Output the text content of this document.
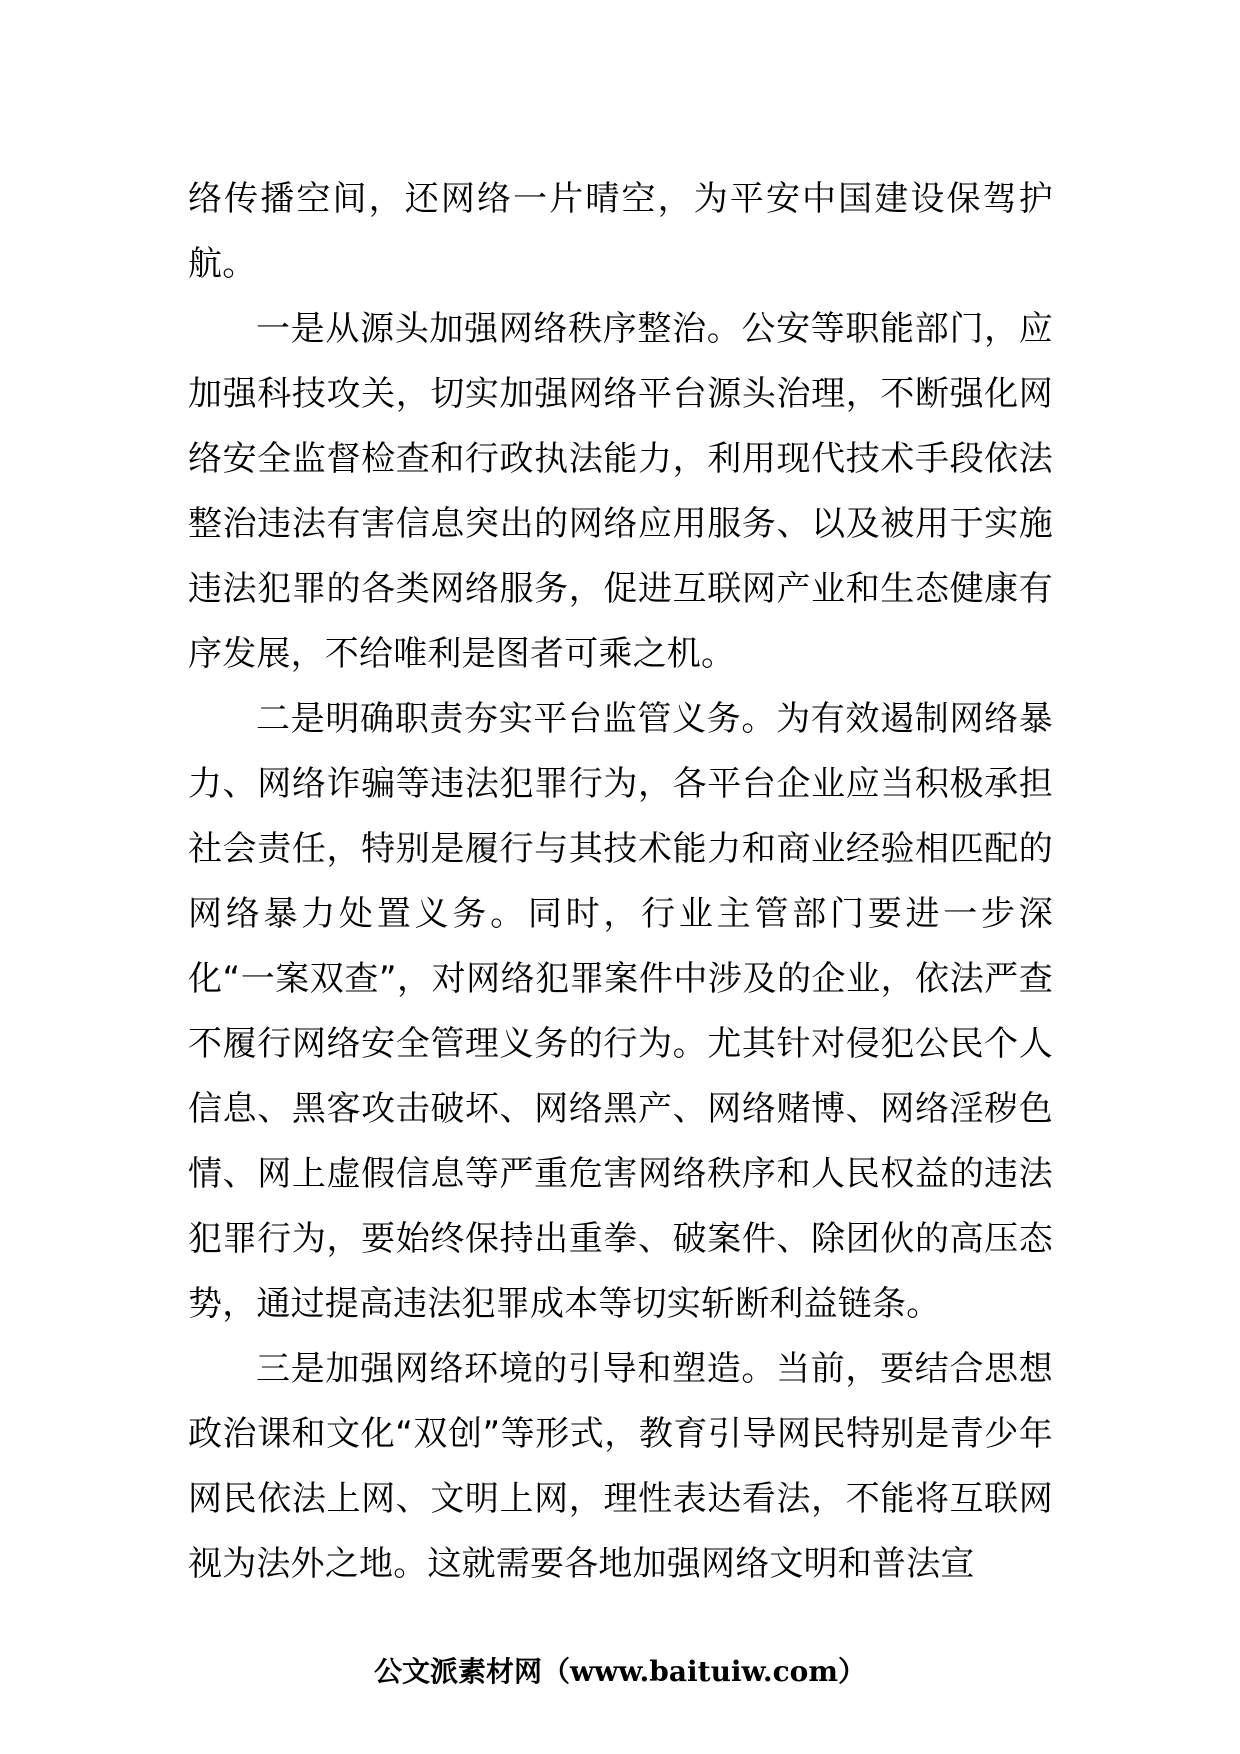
络传播空间，还网络一片晴空，为平安中国建设保驾护航。

一是从源头加强网络秩序整治。公安等职能部门，应加强科技攻关，切实加强网络平台源头治理，不断强化网络安全监督检查和行政执法能力，利用现代技术手段依法整治违法有害信息突出的网络应用服务、以及被用于实施违法犯罪的各类网络服务，促进互联网产业和生态健康有序发展，不给唯利是图者可乘之机。

二是明确职责夯实平台监管义务。为有效遏制网络暴力、网络诈骗等违法犯罪行为，各平台企业应当积极承担社会责任，特别是履行与其技术能力和商业经验相匹配的网络暴力处置义务。同时，行业主管部门要进一步深化“一案双查”，对网络犯罪案件中涉及的企业，依法严查不履行网络安全管理义务的行为。尤其针对侵犯公民个人信息、黑客攻击破坏、网络黑产、网络赌博、网络淫秽色情、网上虚假信息等严重危害网络秩序和人民权益的违法犯罪行为，要始终保持出重拳、破案件、除团伙的高压态势，通过提高违法犯罪成本等切实斩断利益链条。

三是加强网络环境的引导和塑造。当前，要结合思想政治课和文化“双创”等形式，教育引导网民特别是青少年网民依法上网、文明上网，理性表达看法，不能将互联网视为法外之地。这就需要各地加强网络文明和普法宣

公文派素材网（www.baituiw.com）
